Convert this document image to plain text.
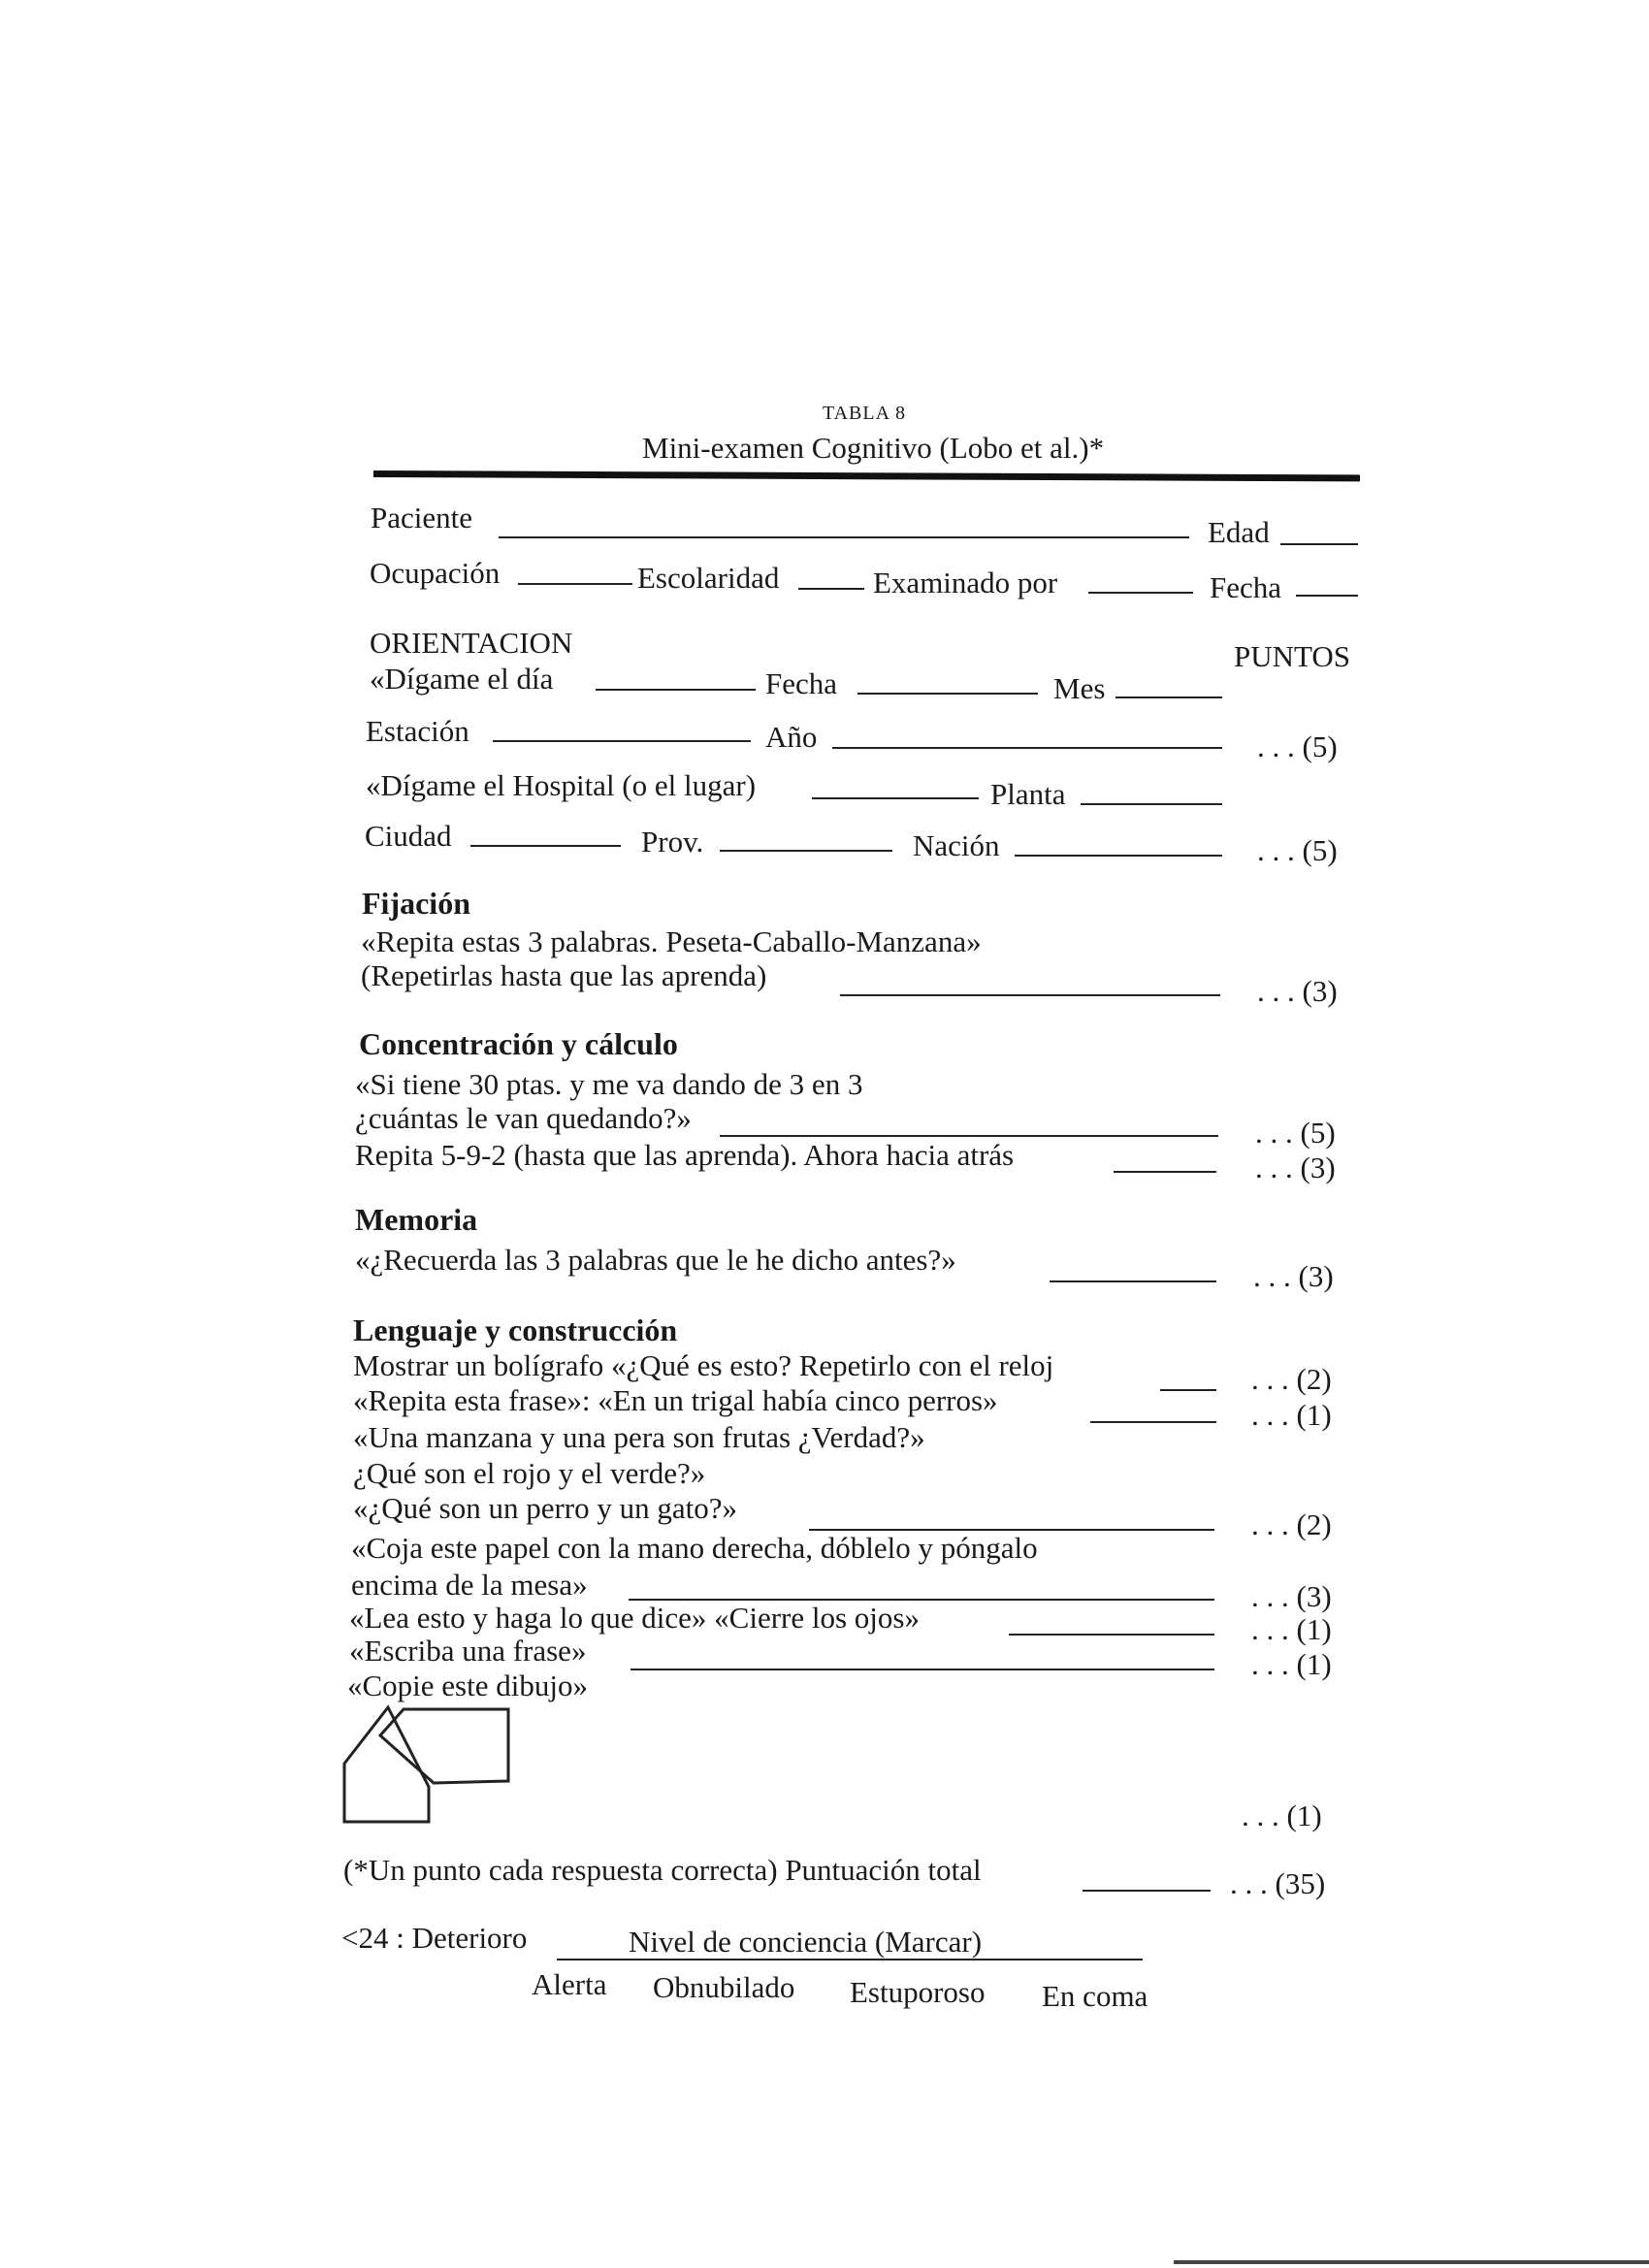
TABLA 8
Mini-examen Cognitivo (Lobo et al.)*
Paciente	Edad
Ocupación	Escolaridad	Examinado por	Fecha
ORIENTACION	PUNTOS
«Dígame el día	Fecha	Mes
Estación	Año	. . . (5)
«Dígame el Hospital (o el lugar)	Planta
Ciudad	Prov.	Nación	. . . (5)
Fijación
«Repita estas 3 palabras. Peseta-Caballo-Manzana»
(Repetirlas hasta que las aprenda)	. . . (3)
Concentración y cálculo
«Si tiene 30 ptas. y me va dando de 3 en 3
¿cuántas le van quedando?»	. . . (5)
Repita 5-9-2 (hasta que las aprenda). Ahora hacia atrás	. . . (3)
Memoria
«¿Recuerda las 3 palabras que le he dicho antes?»	. . . (3)
Lenguaje y construcción
Mostrar un bolígrafo «¿Qué es esto? Repetirlo con el reloj	. . . (2)
«Repita esta frase»: «En un trigal había cinco perros»	. . . (1)
«Una manzana y una pera son frutas ¿Verdad?»
¿Qué son el rojo y el verde?»
«¿Qué son un perro y un gato?»	. . . (2)
«Coja este papel con la mano derecha, dóblelo y póngalo
encima de la mesa»	. . . (3)
«Lea esto y haga lo que dice» «Cierre los ojos»	. . . (1)
«Escriba una frase»	. . . (1)
«Copie este dibujo»
. . . (1)
(*Un punto cada respuesta correcta) Puntuación total	. . . (35)
<24 : Deterioro	Nivel de conciencia (Marcar)
Alerta Obnubilado Estuporoso En coma
